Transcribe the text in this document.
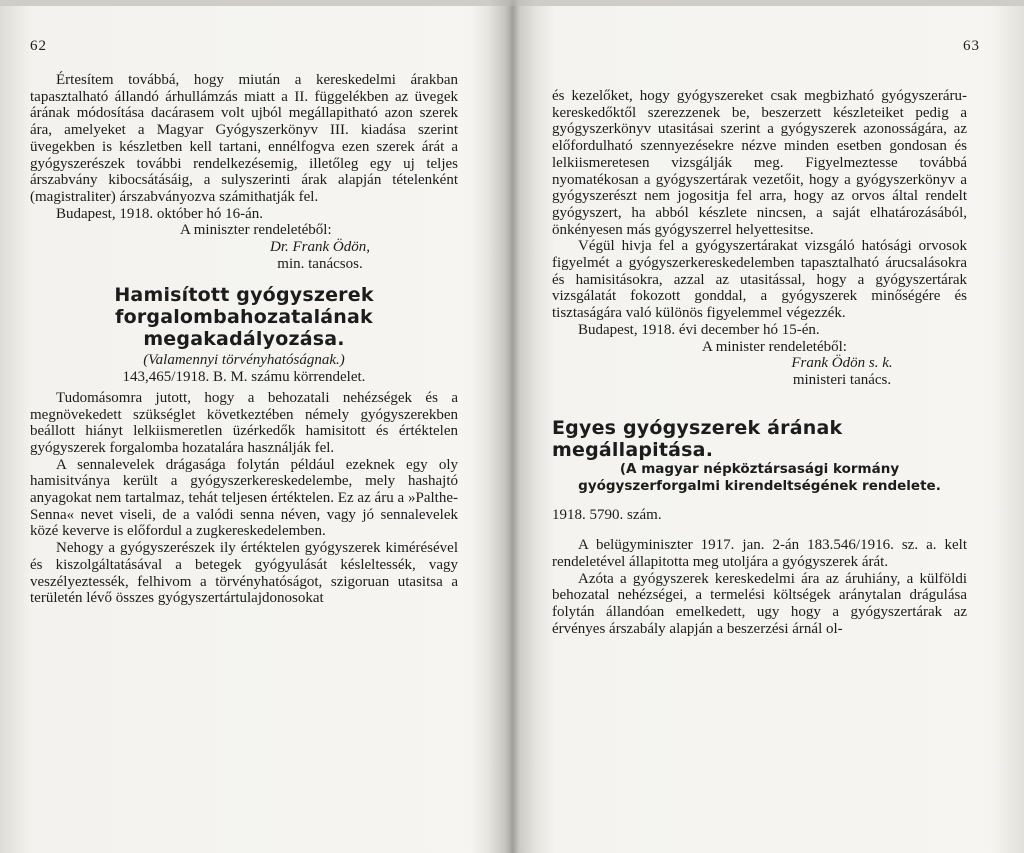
62

Értesítem továbbá, hogy miután a kereskedelmi árakban tapasztalható állandó árhullámzás miatt a II. függelékben az üvegek árának módosítása dacárasem volt ujból megállapitható azon szerek ára, amelyeket a Magyar Gyógyszerkönyv III. kiadása szerint üvegekben is készletben kell tartani, ennélfogva ezen szerek árát a gyógyszerészek további rendelkezésemig, illetőleg egy uj teljes árszabvány kibocsátásáig, a sulyszerinti árak alapján tételenként (magistraliter) árszabványozva számithatják fel.

Budapest, 1918. október hó 16-án.

A miniszter rendeletéből:

Dr. Frank Ödön,

min. tanácsos.

Hamisított gyógyszerek forgalombahozatalának megakadályozása.

(Valamennyi törvényhatóságnak.)

143,465/1918. B. M. számu körrendelet.

Tudomásomra jutott, hogy a behozatali nehézségek és a megnövekedett szükséglet következtében némely gyógyszerekben beállott hiányt lelkiismeretlen üzérkedők hamisitott és értéktelen gyógyszerek forgalomba hozatalára használják fel.

A sennalevelek drágasága folytán például ezeknek egy oly hamisitványa került a gyógyszerkereskedelembe, mely hashajtó anyagokat nem tartalmaz, tehát teljesen értéktelen. Ez az áru a »Palthe-Senna« nevet viseli, de a valódi senna néven, vagy jó sennalevelek közé keverve is előfordul a zugkereskedelemben.

Nehogy a gyógyszerészek ily értéktelen gyógyszerek kimérésével és kiszolgáltatásával a betegek gyógyulását késleltessék, vagy veszélyeztessék, felhivom a törvényhatóságot, szigoruan utasitsa a területén lévő összes gyógyszertártulajdonosokat

63

és kezelőket, hogy gyógyszereket csak megbizható gyógyszerárukereskedőktől szerezzenek be, beszerzett készleteiket pedig a gyógyszerkönyv utasitásai szerint a gyógyszerek azonosságára, az előfordulható szennyezésekre nézve minden esetben gondosan és lelkiismeretesen vizsgálják meg. Figyelmeztesse továbbá nyomatékosan a gyógyszertárak vezetőit, hogy a gyógyszerkönyv a gyógyszerészt nem jogositja fel arra, hogy az orvos által rendelt gyógyszert, ha abból készlete nincsen, a saját elhatározásából, önkényesen más gyógyszerrel helyettesitse.

Végül hivja fel a gyógyszertárakat vizsgáló hatósági orvosok figyelmét a gyógyszerkereskedelemben tapasztalható árucsalásokra és hamisitásokra, azzal az utasitással, hogy a gyógyszertárak vizsgálatát fokozott gonddal, a gyógyszerek minőségére és tisztaságára való különös figyelemmel végezzék.

Budapest, 1918. évi december hó 15-én.

A minister rendeletéből:

Frank Ödön s. k.

ministeri tanács.

Egyes gyógyszerek árának megállapitása.

(A magyar népköztársasági kormány gyógyszerforgalmi kirendeltségének rendelete.

1918. 5790. szám.

A belügyminiszter 1917. jan. 2-án 183.546/1916. sz. a. kelt rendeletével állapitotta meg utoljára a gyógyszerek árát.

Azóta a gyógyszerek kereskedelmi ára az áruhiány, a külföldi behozatal nehézségei, a termelési költségek aránytalan drágulása folytán állandóan emelkedett, ugy hogy a gyógyszertárak az érvényes árszabály alapján a beszerzési árnál ol-
